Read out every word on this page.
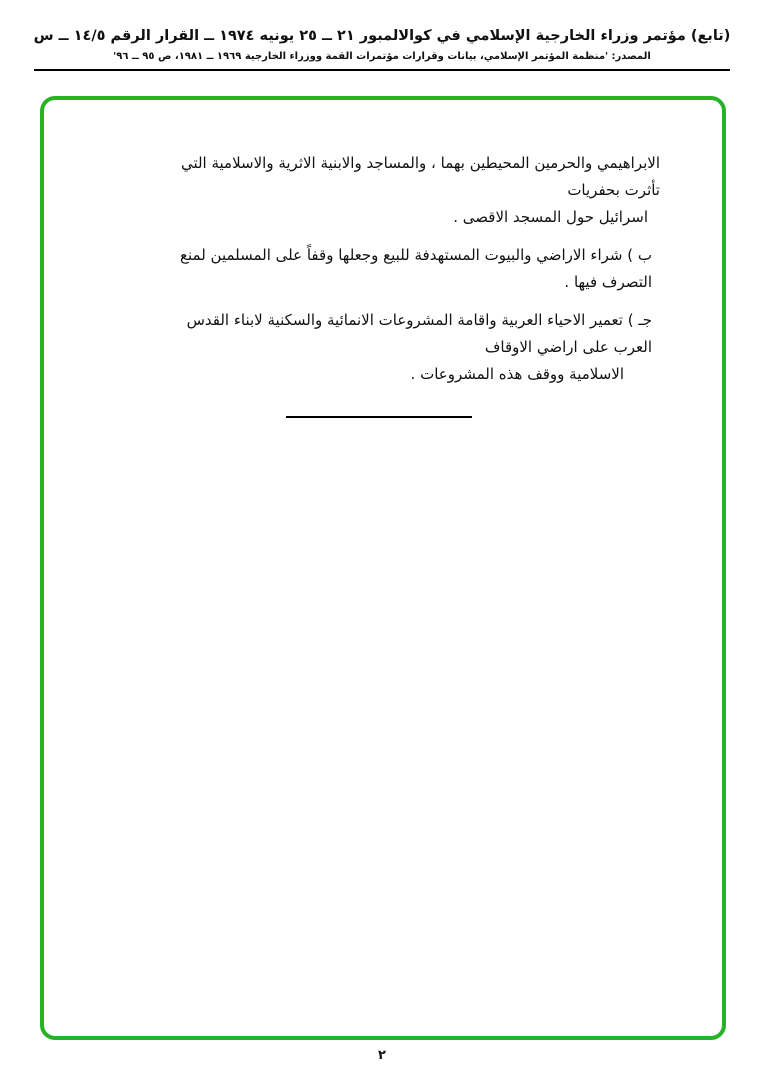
(تابع) مؤتمر وزراء الخارجية الإسلامي في كوالالمبور ٢١ ــ ٢٥ يونيه ١٩٧٤ ــ القرار الرقم ١٤/٥ ــ س
المصدر: 'منظمة المؤتمر الإسلامي، بيانات وقرارات مؤتمرات القمة ووزراء الخارجية ١٩٦٩ ــ ١٩٨١، ص ٩٥ ــ ٩٦'

الابراهيمي والحرمين المحيطين بهما ، والمساجد والابنية الاثرية والاسلامية التي تأثرت بحفريات
اسرائيل حول المسجد الاقصى .

ب ) شراء الاراضي والبيوت المستهدفة للبيع وجعلها وقفاً على المسلمين لمنع التصرف فيها .

جـ ) تعمير الاحياء العربية واقامة المشروعات الانمائية والسكنية لابناء القدس العرب على اراضي الاوقاف
الاسلامية ووقف هذه المشروعات .

٢
